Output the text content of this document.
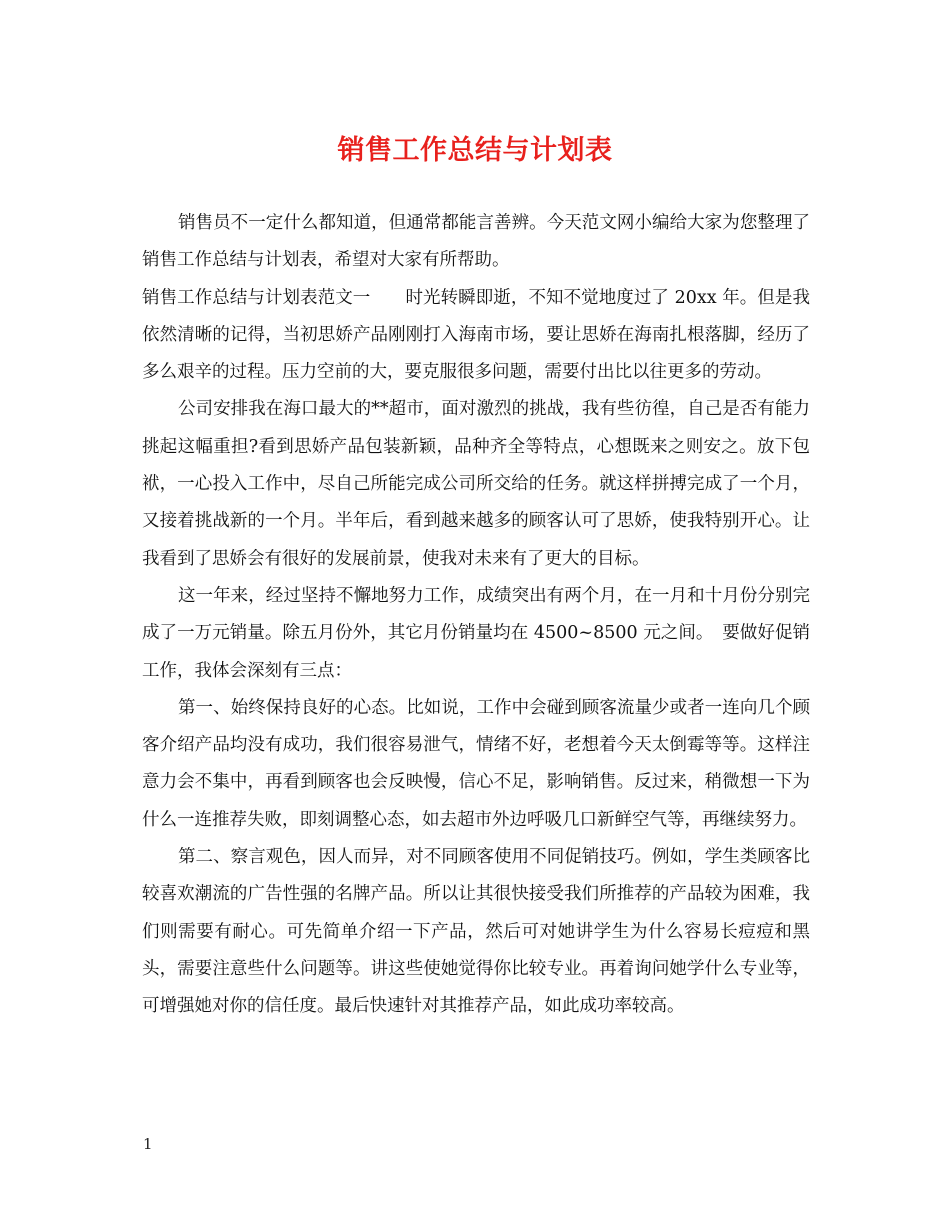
销售工作总结与计划表

销售员不一定什么都知道，但通常都能言善辨。今天范文网小编给大家为您整理了销售工作总结与计划表，希望对大家有所帮助。

销售工作总结与计划表范文一　　时光转瞬即逝，不知不觉地度过了 20xx 年。但是我依然清晰的记得，当初思娇产品刚刚打入海南市场，要让思娇在海南扎根落脚，经历了多么艰辛的过程。压力空前的大，要克服很多问题，需要付出比以往更多的劳动。

公司安排我在海口最大的**超市，面对激烈的挑战，我有些彷徨，自己是否有能力挑起这幅重担?看到思娇产品包装新颖，品种齐全等特点，心想既来之则安之。放下包袱，一心投入工作中，尽自己所能完成公司所交给的任务。就这样拼搏完成了一个月，又接着挑战新的一个月。半年后，看到越来越多的顾客认可了思娇，使我特别开心。让我看到了思娇会有很好的发展前景，使我对未来有了更大的目标。

这一年来，经过坚持不懈地努力工作，成绩突出有两个月，在一月和十月份分别完成了一万元销量。除五月份外，其它月份销量均在 4500~8500 元之间。　要做好促销工作，我体会深刻有三点：

第一、始终保持良好的心态。比如说，工作中会碰到顾客流量少或者一连向几个顾客介绍产品均没有成功，我们很容易泄气，情绪不好，老想着今天太倒霉等等。这样注意力会不集中，再看到顾客也会反映慢，信心不足，影响销售。反过来，稍微想一下为什么一连推荐失败，即刻调整心态，如去超市外边呼吸几口新鲜空气等，再继续努力。

第二、察言观色，因人而异，对不同顾客使用不同促销技巧。例如，学生类顾客比较喜欢潮流的广告性强的名牌产品。所以让其很快接受我们所推荐的产品较为困难，我们则需要有耐心。可先简单介绍一下产品，然后可对她讲学生为什么容易长痘痘和黑头，需要注意些什么问题等。讲这些使她觉得你比较专业。再着询问她学什么专业等，可增强她对你的信任度。最后快速针对其推荐产品，如此成功率较高。

1
